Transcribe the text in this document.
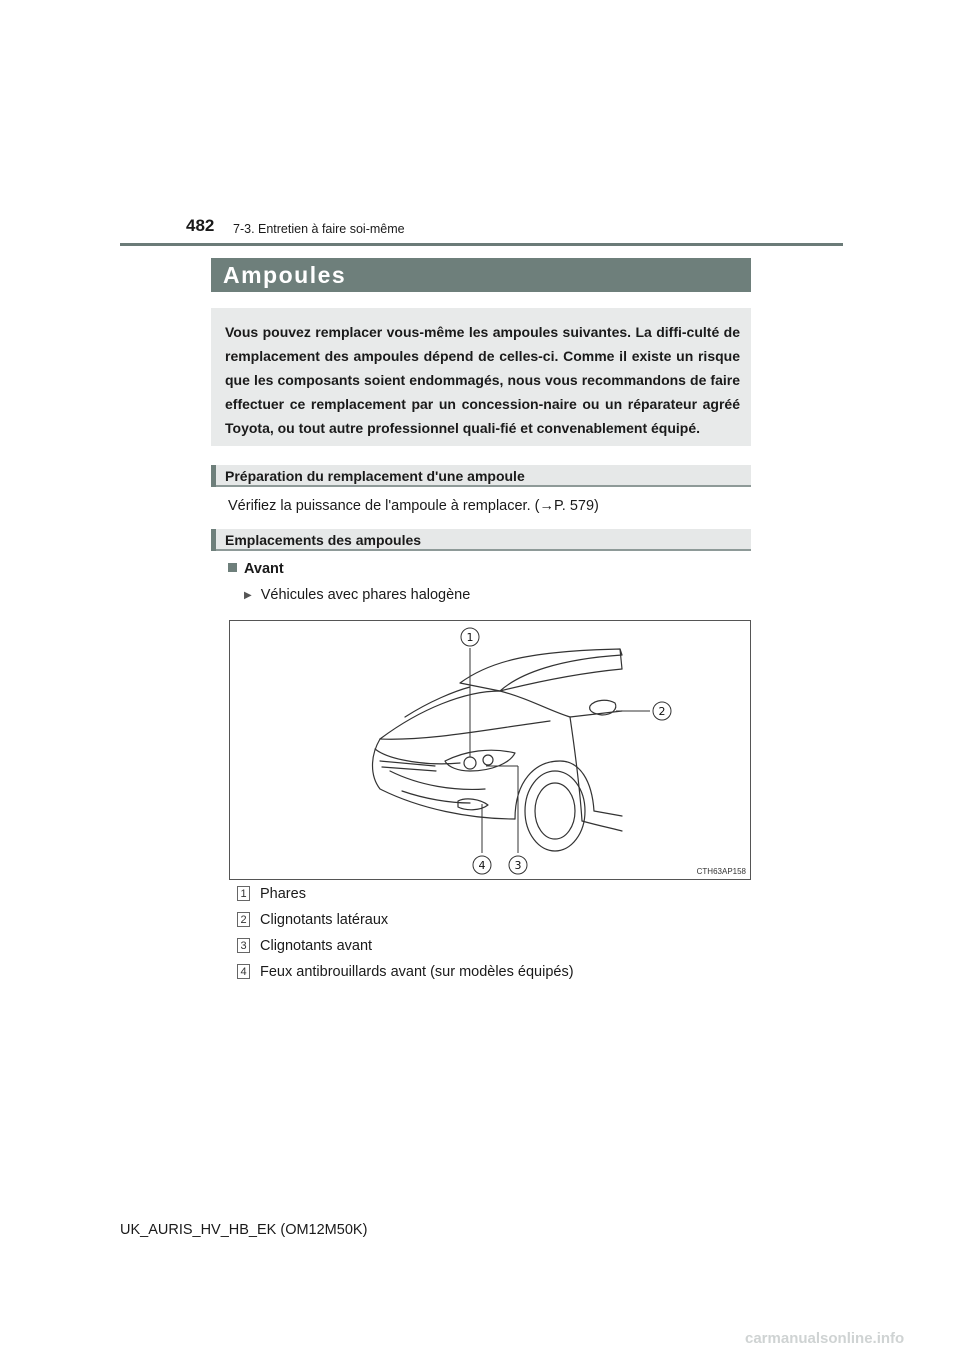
482 7-3. Entretien à faire soi-même
Ampoules
Vous pouvez remplacer vous-même les ampoules suivantes. La diffi-culté de remplacement des ampoules dépend de celles-ci. Comme il existe un risque que les composants soient endommagés, nous vous recommandons de faire effectuer ce remplacement par un concession-naire ou un réparateur agréé Toyota, ou tout autre professionnel quali-fié et convenablement équipé.
Préparation du remplacement d'une ampoule
Vérifiez la puissance de l'ampoule à remplacer. (→P. 579)
Emplacements des ampoules
Avant
▶ Véhicules avec phares halogène
1
2
3
4	CTH63AP158
1 Phares
2 Clignotants latéraux
3 Clignotants avant
4 Feux antibrouillards avant (sur modèles équipés)
UK_AURIS_HV_HB_EK (OM12M50K)
carmanualsonline.info
